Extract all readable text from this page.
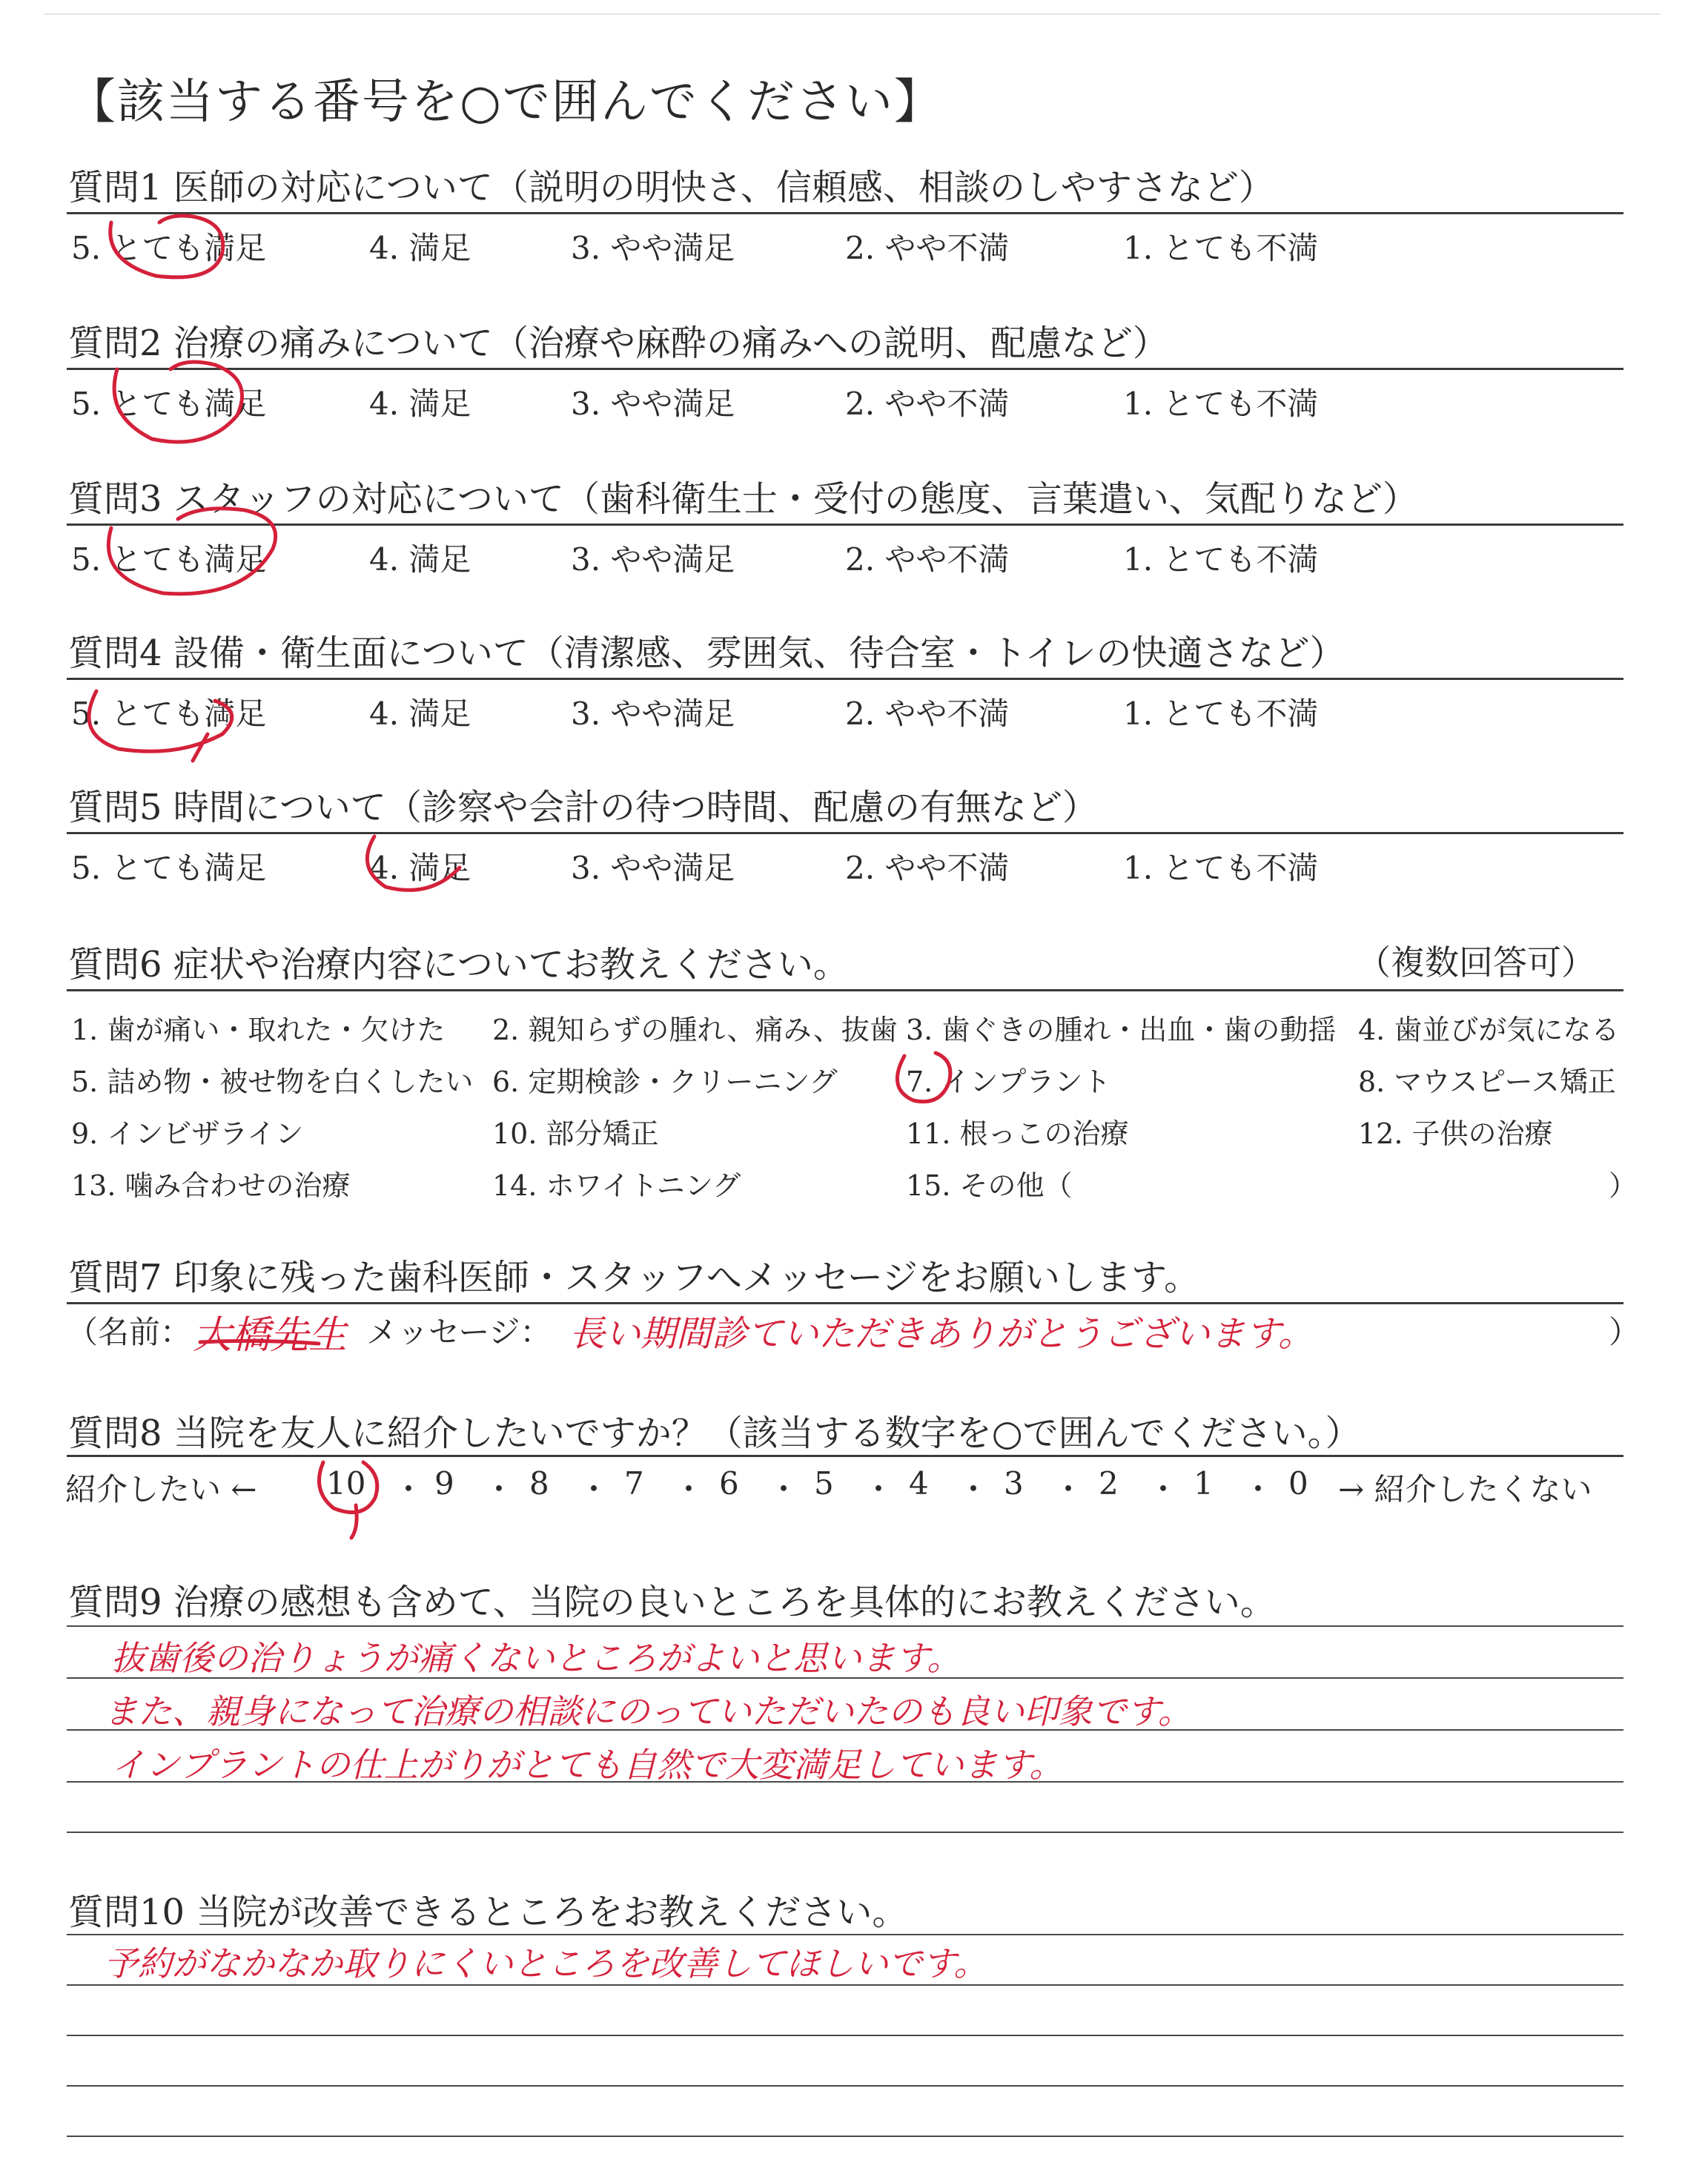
【該当する番号を○で囲んでください】
質問1 医師の対応について（説明の明快さ、信頼感、相談のしやすさなど）
5. とても満足	4. 満足	3. やや満足	2. やや不満	1. とても不満
質問2 治療の痛みについて（治療や麻酔の痛みへの説明、配慮など）
5. とても満足	4. 満足	3. やや満足	2. やや不満	1. とても不満
質問3 スタッフの対応について（歯科衛生士・受付の態度、言葉遣い、気配りなど）
5. とても満足	4. 満足	3. やや満足	2. やや不満	1. とても不満
質問4 設備・衛生面について（清潔感、雰囲気、待合室・トイレの快適さなど）
5. とても満足	4. 満足	3. やや満足	2. やや不満	1. とても不満
質問5 時間について（診察や会計の待つ時間、配慮の有無など）
5. とても満足	4. 満足	3. やや満足	2. やや不満	1. とても不満
質問6 症状や治療内容についてお教えください。	（複数回答可）
1. 歯が痛い・取れた・欠けた 2. 親知らずの腫れ、痛み、抜歯 3. 歯ぐきの腫れ・出血・歯の動揺 4. 歯並びが気になる
5. 詰め物・被せ物を白くしたい 6. 定期検診・クリーニング 7. インプラント	8. マウスピース矯正
9. インビザライン	10. 部分矯正	11. 根っこの治療	12. 子供の治療
13. 噛み合わせの治療	14. ホワイトニング	15. その他（	）
質問7 印象に残った歯科医師・スタッフへメッセージをお願いします。
（名前： 大橋先生 メッセージ： 長い期間診ていただきありがとうございます。	）
質問8 当院を友人に紹介したいですか？（該当する数字を○で囲んでください。）
紹介したい ←	→ 紹介したくない
10 ・ 9 ・ 8 ・ 7 ・ 6 ・ 5 ・ 4 ・ 3 ・ 2 ・ 1 ・ 0
質問9 治療の感想も含めて、当院の良いところを具体的にお教えください。
抜歯後の治りょうが痛くないところがよいと思います。
また、親身になって治療の相談にのっていただいたのも良い印象です。
インプラントの仕上がりがとても自然で大変満足しています。
質問10 当院が改善できるところをお教えください。
予約がなかなか取りにくいところを改善してほしいです。
